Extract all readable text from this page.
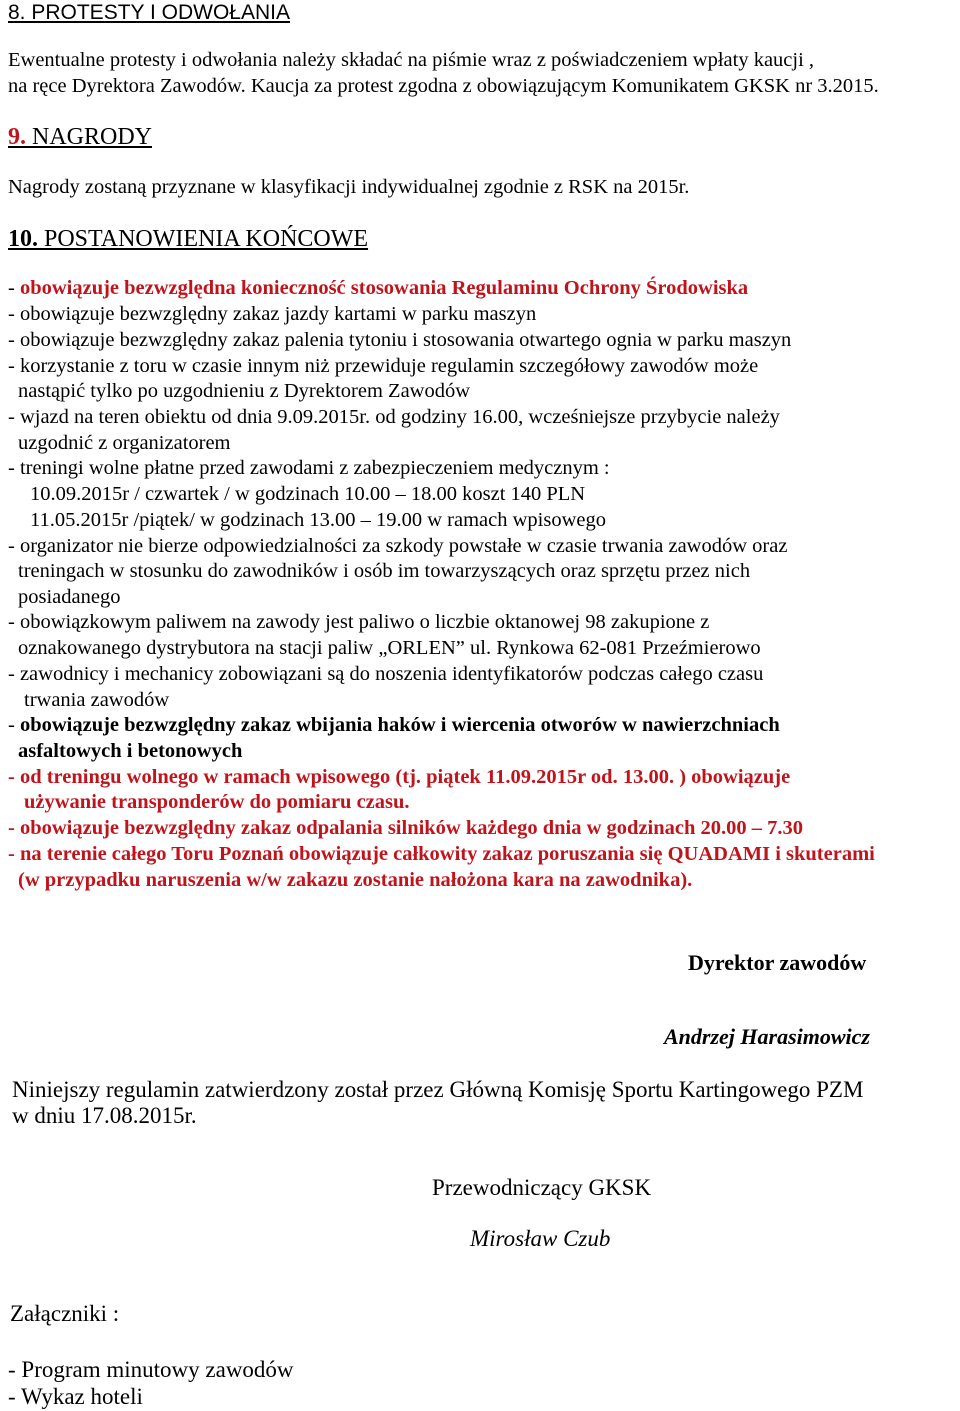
8. PROTESTY I ODWOŁANIA
Ewentualne protesty i odwołania należy składać na piśmie wraz z poświadczeniem wpłaty kaucji ,
na ręce Dyrektora Zawodów. Kaucja za protest zgodna z obowiązującym Komunikatem GKSK nr 3.2015.
9. NAGRODY
Nagrody zostaną przyznane w klasyfikacji indywidualnej zgodnie z RSK na 2015r.
10. POSTANOWIENIA KOŃCOWE
- obowiązuje bezwzględna konieczność stosowania Regulaminu Ochrony Środowiska
- obowiązuje bezwzględny zakaz jazdy kartami w parku maszyn
- obowiązuje bezwzględny zakaz palenia tytoniu i stosowania otwartego ognia w parku maszyn
- korzystanie z toru w czasie innym niż przewiduje regulamin szczegółowy zawodów może
nastąpić tylko po uzgodnieniu z Dyrektorem Zawodów
- wjazd na teren obiektu od dnia 9.09.2015r. od godziny 16.00, wcześniejsze przybycie należy
uzgodnić z organizatorem
- treningi wolne płatne przed zawodami z zabezpieczeniem medycznym :
10.09.2015r / czwartek / w godzinach 10.00 – 18.00 koszt 140 PLN
11.05.2015r /piątek/ w godzinach 13.00 – 19.00 w ramach wpisowego
- organizator nie bierze odpowiedzialności za szkody powstałe w czasie trwania zawodów oraz
treningach w stosunku do zawodników i osób im towarzyszących oraz sprzętu przez nich
posiadanego
- obowiązkowym paliwem na zawody jest paliwo o liczbie oktanowej 98 zakupione z
oznakowanego dystrybutora na stacji paliw „ORLEN” ul. Rynkowa 62-081 Przeźmierowo
- zawodnicy i mechanicy zobowiązani są do noszenia identyfikatorów podczas całego czasu
trwania zawodów
- obowiązuje bezwzględny zakaz wbijania haków i wiercenia otworów w nawierzchniach
asfaltowych i betonowych
- od treningu wolnego w ramach wpisowego (tj. piątek 11.09.2015r od. 13.00. ) obowiązuje
używanie transponderów do pomiaru czasu.
- obowiązuje bezwzględny zakaz odpalania silników każdego dnia w godzinach 20.00 – 7.30
- na terenie całego Toru Poznań obowiązuje całkowity zakaz poruszania się QUADAMI i skuterami
(w przypadku naruszenia w/w zakazu zostanie nałożona kara na zawodnika).
Dyrektor zawodów
Andrzej Harasimowicz
Niniejszy regulamin zatwierdzony został przez Główną Komisję Sportu Kartingowego PZM
w dniu 17.08.2015r.
Przewodniczący GKSK
Mirosław Czub
Załączniki :
- Program minutowy zawodów
- Wykaz hoteli
